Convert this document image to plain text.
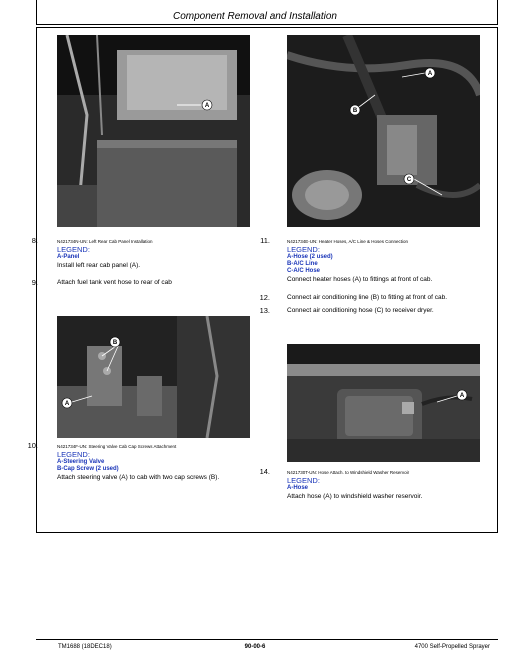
Component Removal and Installation
A
8.	N421734N-UN: Left Rear Cab Panel Installation
LEGEND:
A-Panel
Install left rear cab panel (A).
9.	Attach fuel tank vent hose to rear of cab
B
A
10.	N421734F-UN: Steering Valve Cab Cap Screws Attachment
LEGEND:
A-Steering Valve
B-Cap Screw (2 used)
Attach steering valve (A) to cab with two cap screws (B).
A
B
C
11.	N421734E-UN: Heater Hoses, A/C Line & Hoses Connection
LEGEND:
A-Hose (2 used)
B-A/C Line
C-A/C Hose
Connect heater hoses (A) to fittings at front of cab.
12.	Connect air conditioning line (B) to fitting at front of cab.
13.	Connect air conditioning hose (C) to receiver dryer.
A
14.	N421730T-UN: Hose Attach. to Windshield Washer Reservoir
LEGEND:
A-Hose
Attach hose (A) to windshield washer reservoir.
TM1688 (18DEC18)	90-00-6	4700 Self-Propelled Sprayer
